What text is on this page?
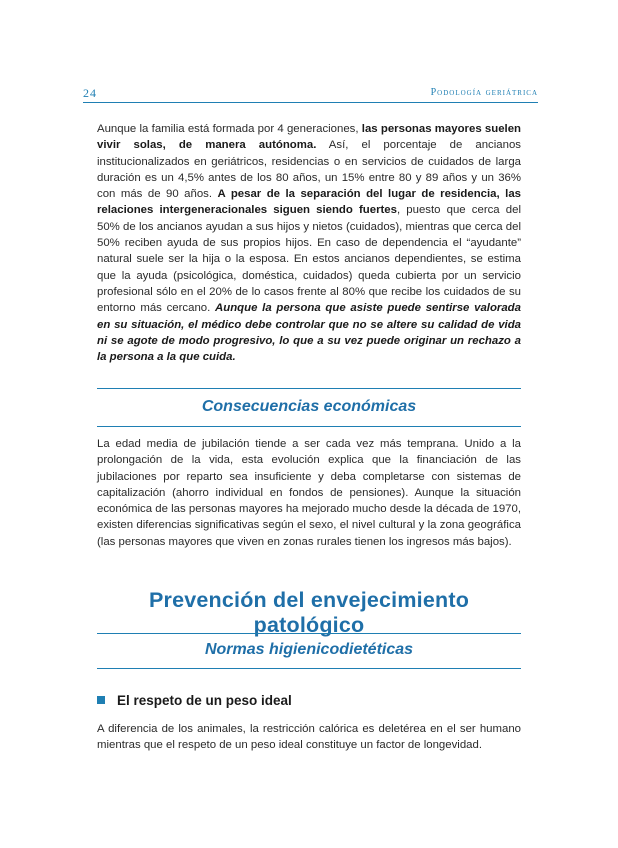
24	Podología geriátrica

Aunque la familia está formada por 4 generaciones, las personas mayores suelen vivir solas, de manera autónoma. Así, el porcentaje de ancianos institucionalizados en geriátricos, residencias o en servicios de cuidados de larga duración es un 4,5% antes de los 80 años, un 15% entre 80 y 89 años y un 36% con más de 90 años. A pesar de la separación del lugar de residencia, las relaciones intergeneracionales siguen siendo fuertes, puesto que cerca del 50% de los ancianos ayudan a sus hijos y nietos (cuidados), mientras que cerca del 50% reciben ayuda de sus propios hijos. En caso de dependencia el “ayudante” natural suele ser la hija o la esposa. En estos ancianos dependientes, se estima que la ayuda (psicológica, doméstica, cuidados) queda cubierta por un servicio profesional sólo en el 20% de lo casos frente al 80% que recibe los cuidados de su entorno más cercano. Aunque la persona que asiste puede sentirse valorada en su situación, el médico debe controlar que no se altere su calidad de vida ni se agote de modo progresivo, lo que a su vez puede originar un rechazo a la persona a la que cuida.

Consecuencias económicas

La edad media de jubilación tiende a ser cada vez más temprana. Unido a la prolongación de la vida, esta evolución explica que la financiación de las jubilaciones por reparto sea insuficiente y deba completarse con sistemas de capitalización (ahorro individual en fondos de pensiones). Aunque la situación económica de las personas mayores ha mejorado mucho desde la década de 1970, existen diferencias significativas según el sexo, el nivel cultural y la zona geográfica (las personas mayores que viven en zonas rurales tienen los ingresos más bajos).

Prevención del envejecimiento patológico
Normas higienicodietéticas
El respeto de un peso ideal

A diferencia de los animales, la restricción calórica es deletérea en el ser humano mientras que el respeto de un peso ideal constituye un factor de longevidad.
